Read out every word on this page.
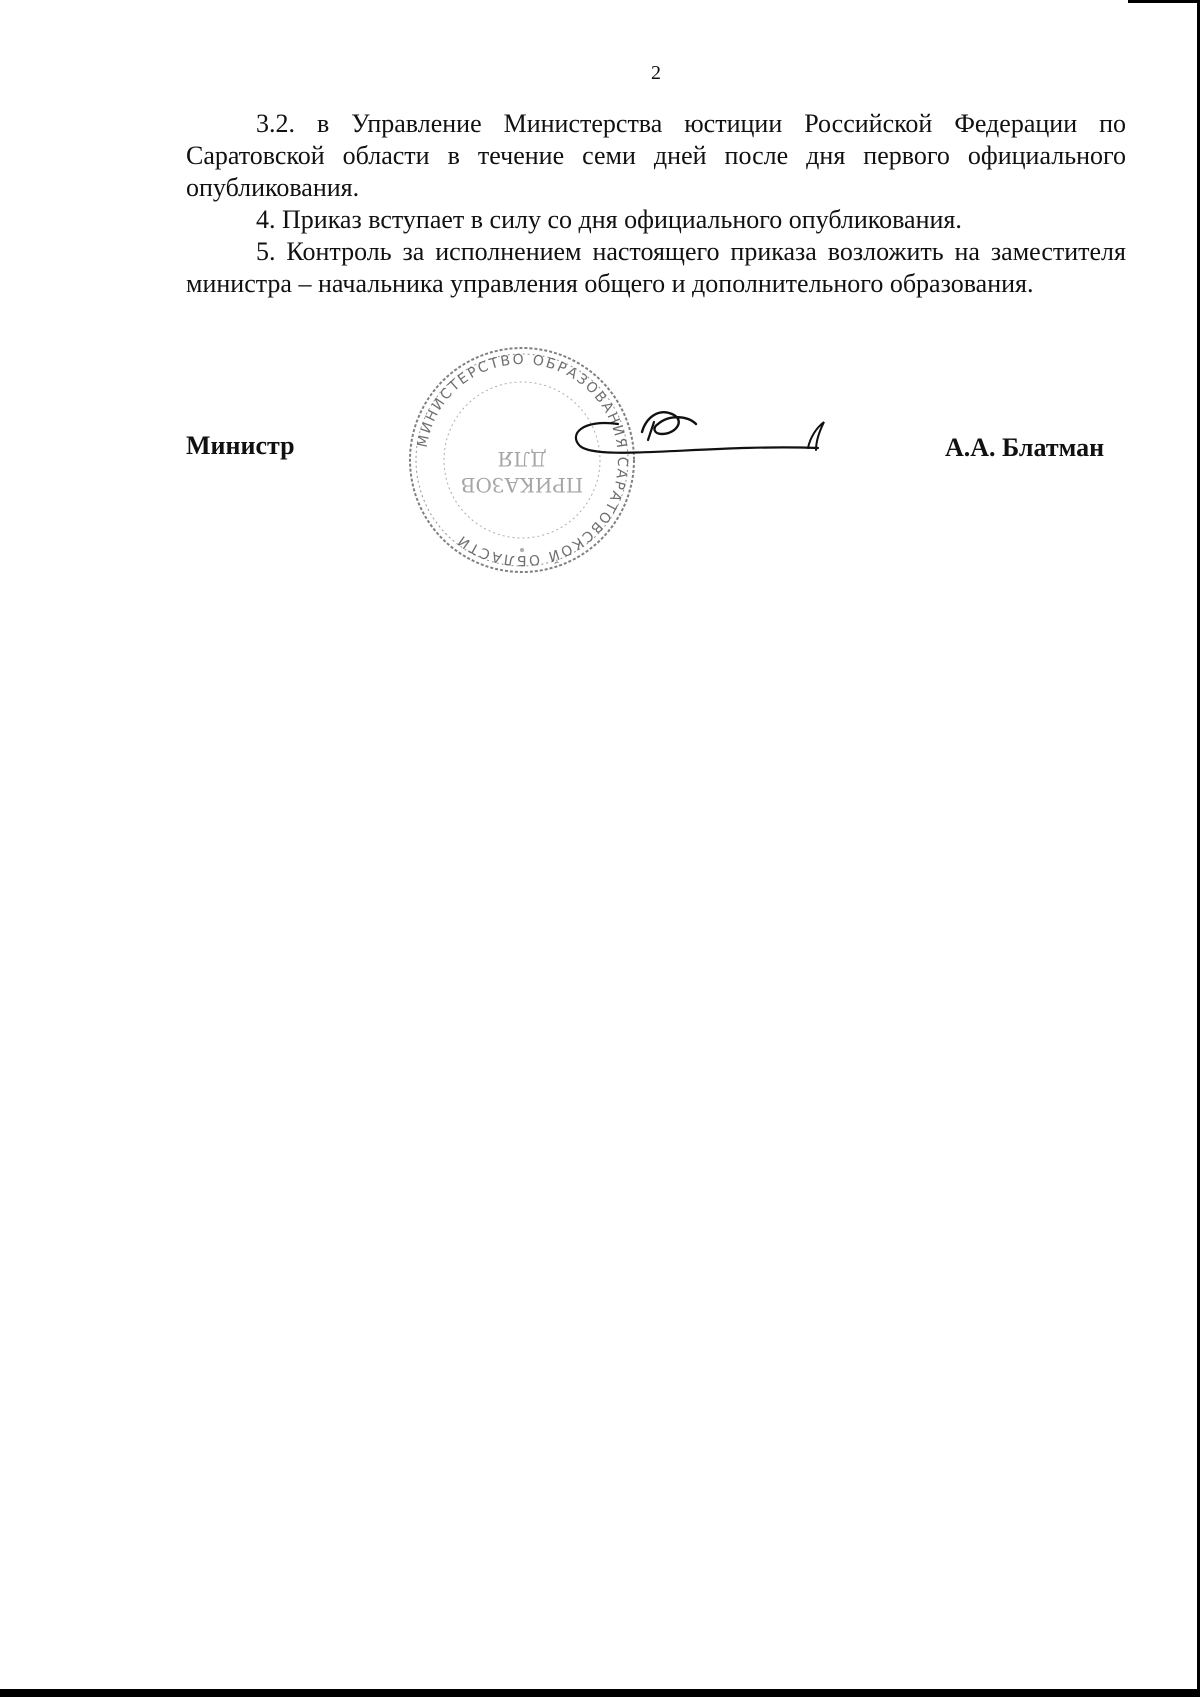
2

3.2. в Управление Министерства юстиции Российской Федерации по Саратовской области в течение семи дней после дня первого официального опубликования.

4. Приказ вступает в силу со дня официального опубликования.

5. Контроль за исполнением настоящего приказа возложить на заместителя министра – начальника управления общего и дополнительного образования.

Министр	МИНИСТЕРСТВО ОБРАЗОВАНИЯ САРАТОВСКОЙ ОБЛАСТИ
ДЛЯ
ПРИКАЗОВ
А.А. Блатман
